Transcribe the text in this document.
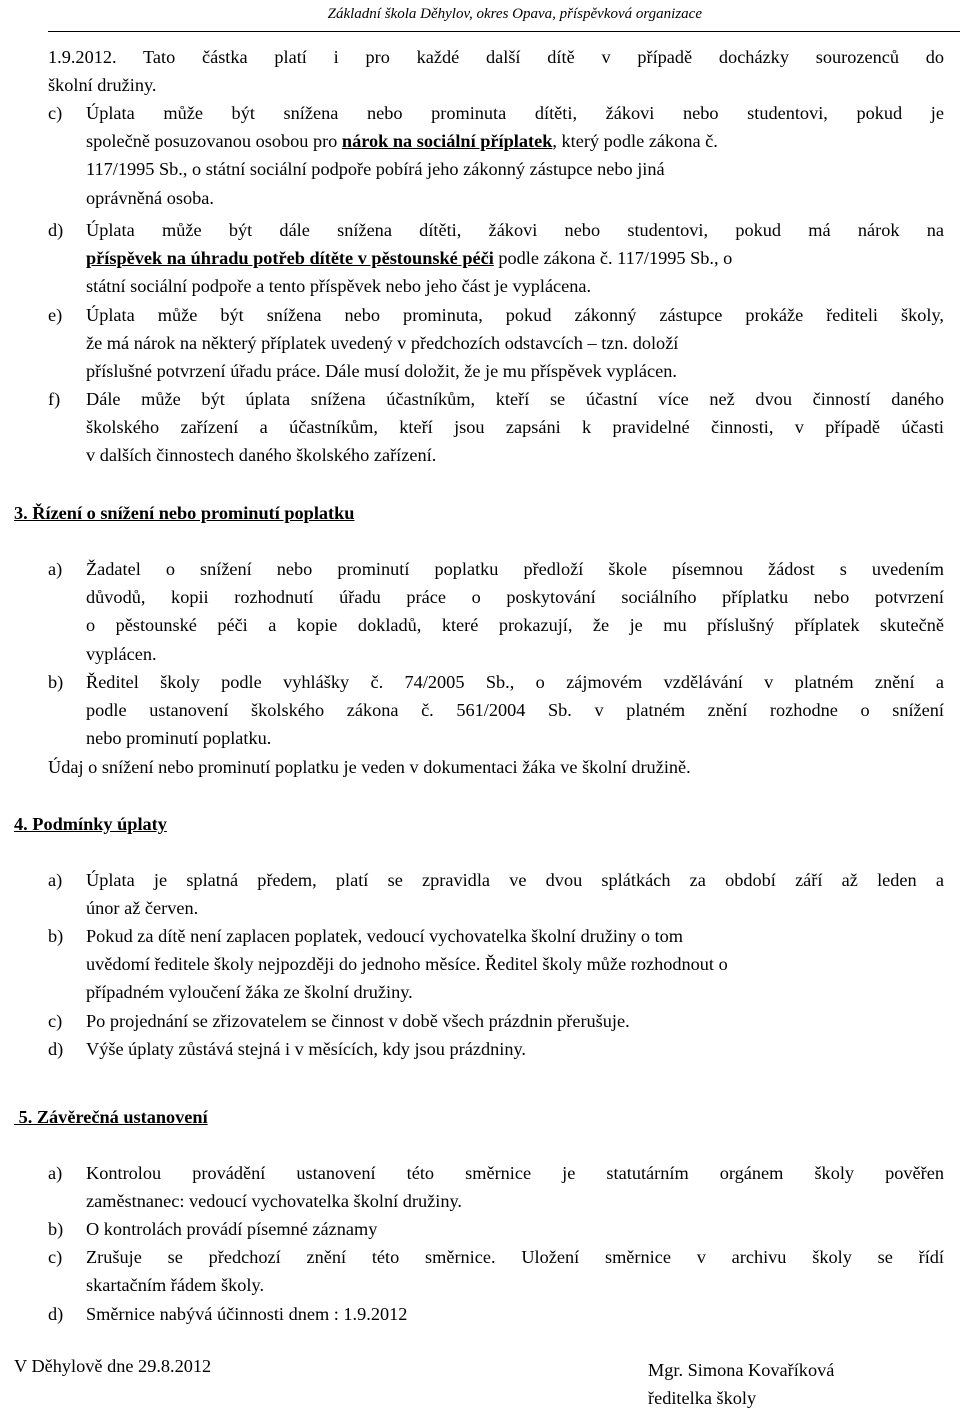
Základní škola Děhylov, okres Opava, příspěvková organizace
1.9.2012. Tato částka platí i pro každé další dítě v případě docházky sourozenců do
školní družiny.
c) Úplata může být snížena nebo prominuta dítěti, žákovi nebo studentovi, pokud je
společně posuzovanou osobou pro nárok na sociální příplatek, který podle zákona č.
117/1995 Sb., o státní sociální podpoře pobírá jeho zákonný zástupce nebo jiná
oprávněná osoba.
d) Úplata může být dále snížena dítěti, žákovi nebo studentovi, pokud má nárok na
příspěvek na úhradu potřeb dítěte v pěstounské péči podle zákona č. 117/1995 Sb., o
státní sociální podpoře a tento příspěvek nebo jeho část je vyplácena.
e) Úplata může být snížena nebo prominuta, pokud zákonný zástupce prokáže řediteli školy,
že má nárok na některý příplatek uvedený v předchozích odstavcích – tzn. doloží
příslušné potvrzení úřadu práce. Dále musí doložit, že je mu příspěvek vyplácen.
f) Dále může být úplata snížena účastníkům, kteří se účastní více než dvou činností daného
školského zařízení a účastníkům, kteří jsou zapsáni k pravidelné činnosti, v případě účasti
v dalších činnostech daného školského zařízení.
3. Řízení o snížení nebo prominutí poplatku
a) Žadatel o snížení nebo prominutí poplatku předloží škole písemnou žádost s uvedením
důvodů, kopii rozhodnutí úřadu práce o poskytování sociálního příplatku nebo potvrzení
o pěstounské péči a kopie dokladů, které prokazují, že je mu příslušný příplatek skutečně
vyplácen.
b) Ředitel školy podle vyhlášky č. 74/2005 Sb., o zájmovém vzdělávání v platném znění a
podle ustanovení školského zákona č. 561/2004 Sb. v platném znění rozhodne o snížení
nebo prominutí poplatku.
Údaj o snížení nebo prominutí poplatku je veden v dokumentaci žáka ve školní družině.
4. Podmínky úplaty
a) Úplata je splatná předem, platí se zpravidla ve dvou splátkách za období září až leden a
únor až červen.
b) Pokud za dítě není zaplacen poplatek, vedoucí vychovatelka školní družiny o tom
uvědomí ředitele školy nejpozději do jednoho měsíce. Ředitel školy může rozhodnout o
případném vyloučení žáka ze školní družiny.
c) Po projednání se zřizovatelem se činnost v době všech prázdnin přerušuje.
d) Výše úplaty zůstává stejná i v měsících, kdy jsou prázdniny.
5. Závěrečná ustanovení
a) Kontrolou provádění ustanovení této směrnice je statutárním orgánem školy pověřen
zaměstnanec: vedoucí vychovatelka školní družiny.
b) O kontrolách provádí písemné záznamy
c) Zrušuje se předchozí znění této směrnice. Uložení směrnice v archivu školy se řídí
skartačním řádem školy.
d) Směrnice nabývá účinnosti dnem : 1.9.2012
V Děhylově dne 29.8.2012	Mgr. Simona Kovaříková
ředitelka školy
